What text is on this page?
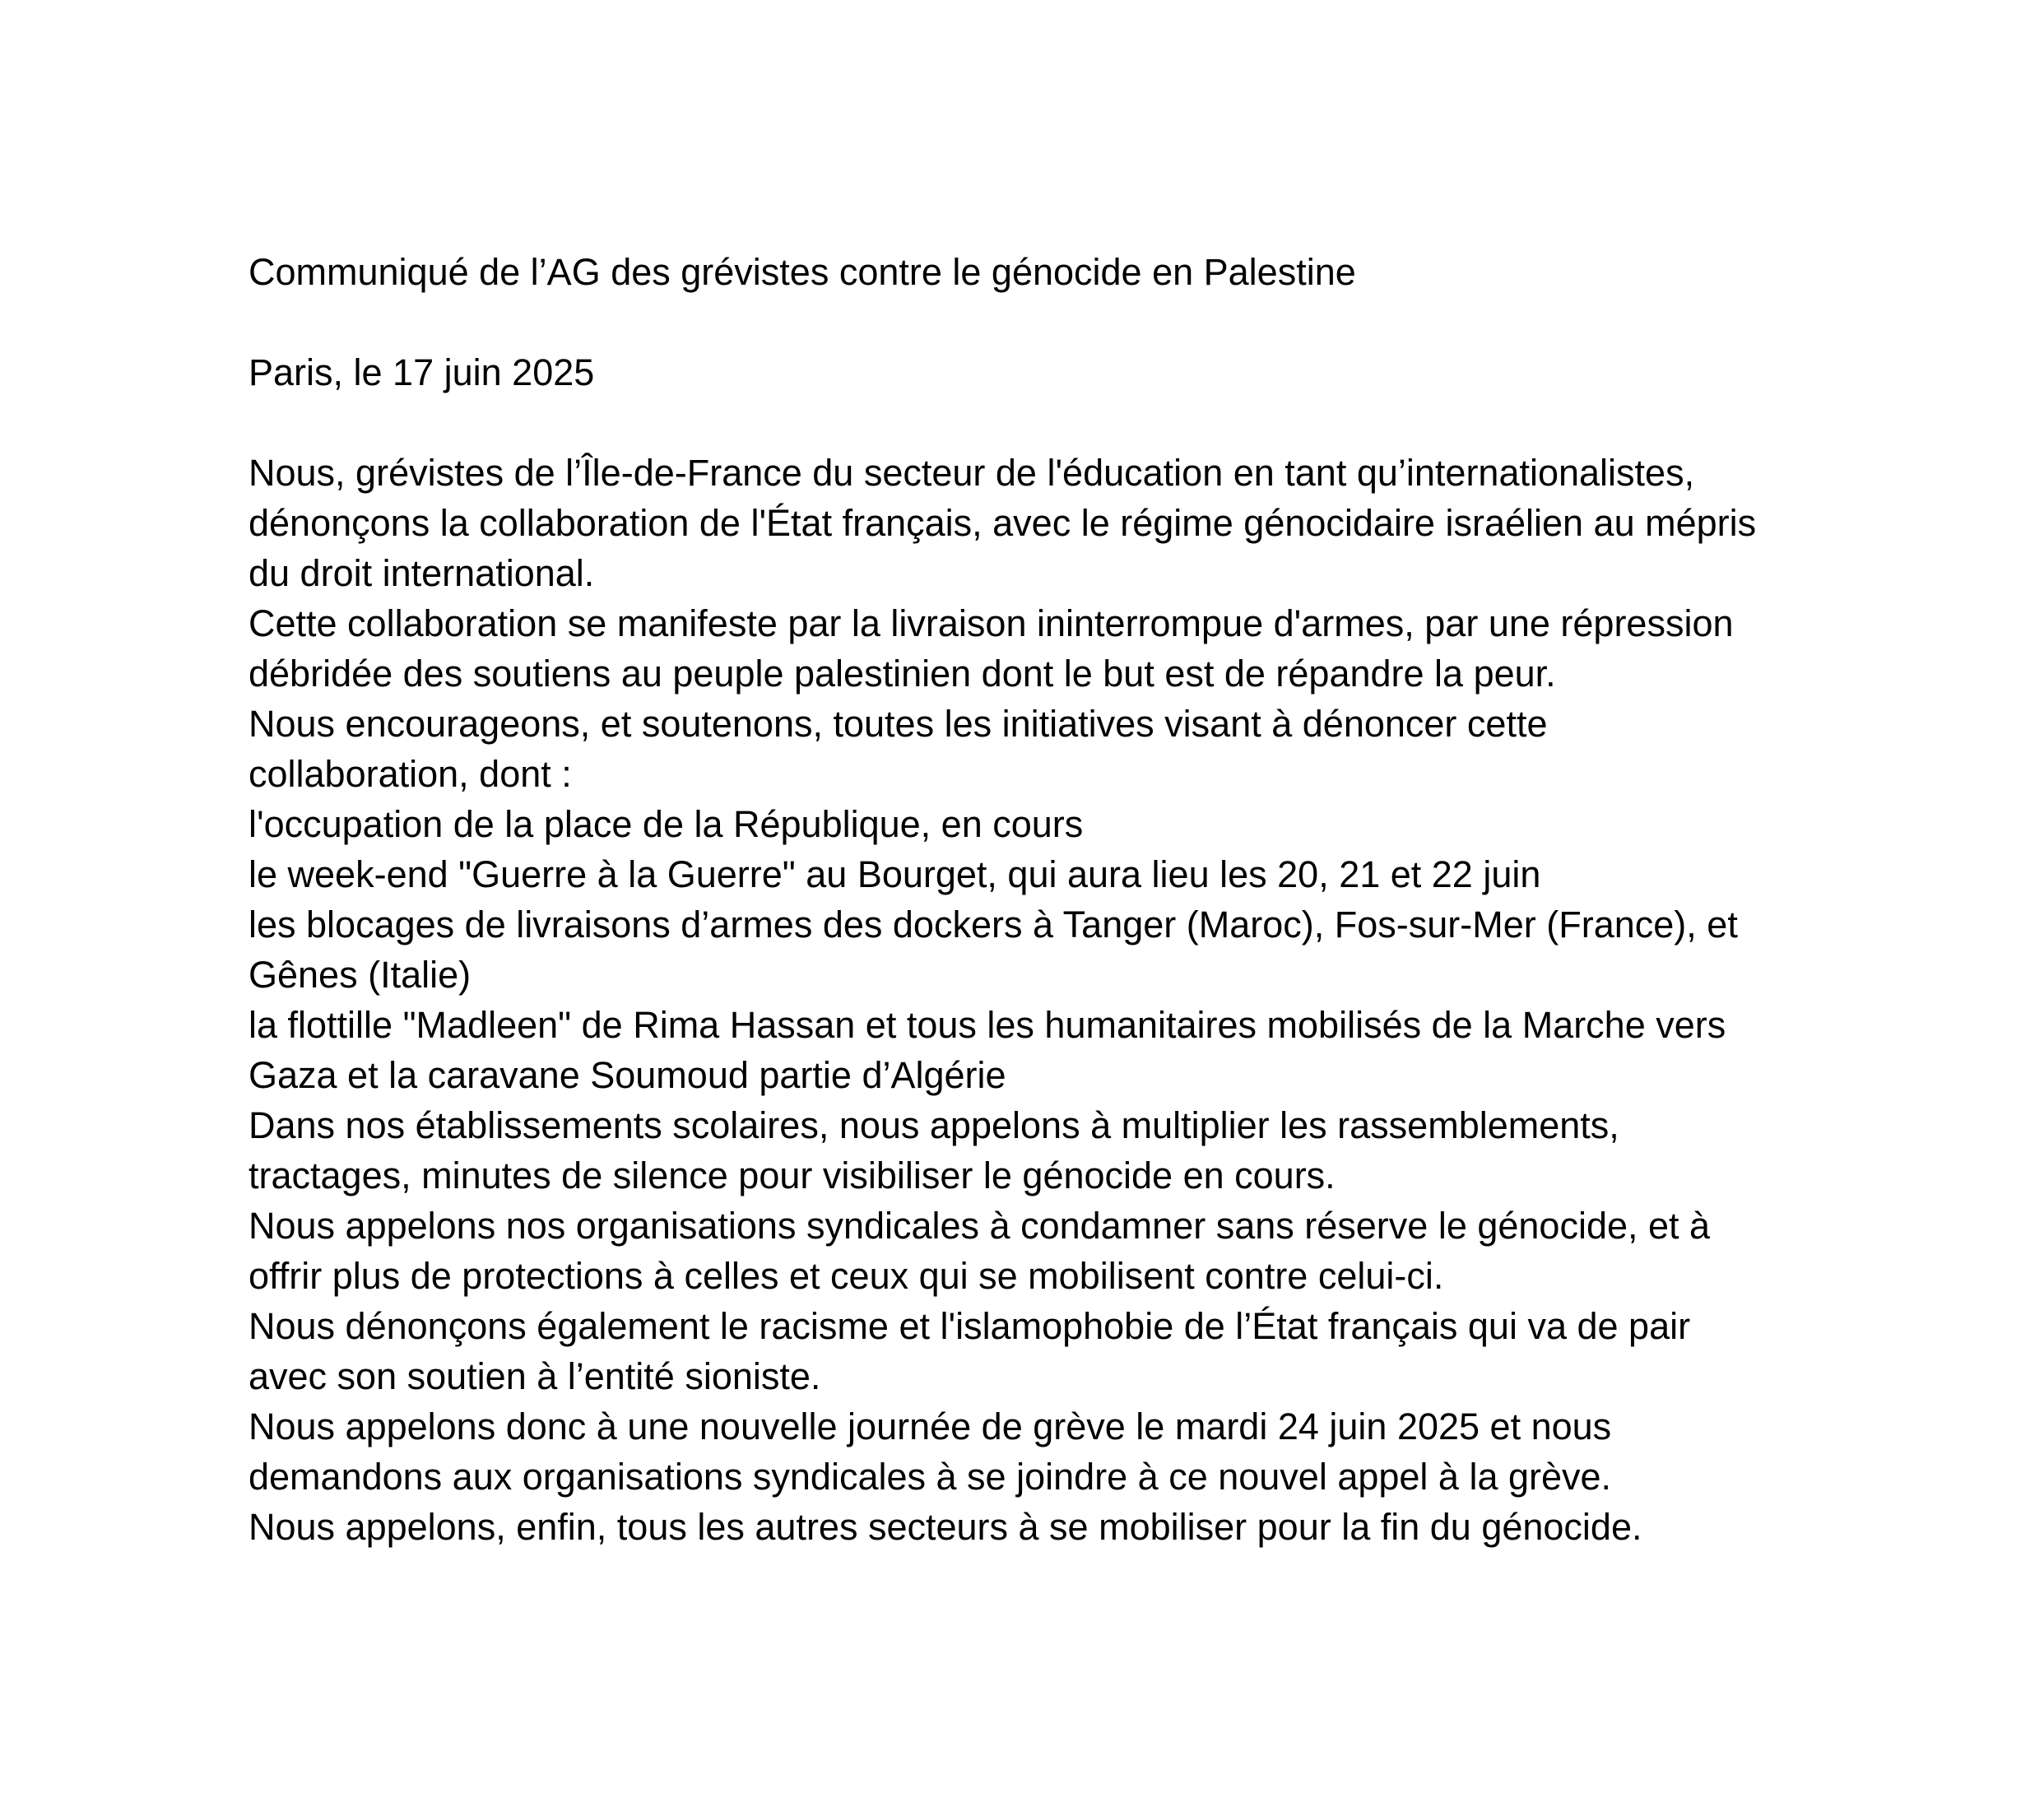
Communiqué de l’AG des grévistes contre le génocide en Palestine
Paris, le 17 juin 2025
Nous, grévistes de l’Île-de-France du secteur de l'éducation en tant qu’internationalistes,
dénonçons la collaboration de l'État français, avec le régime génocidaire israélien au mépris
du droit international.
Cette collaboration se manifeste par la livraison ininterrompue d'armes, par une répression
débridée des soutiens au peuple palestinien dont le but est de répandre la peur.
Nous encourageons, et soutenons, toutes les initiatives visant à dénoncer cette
collaboration, dont :
l'occupation de la place de la République, en cours
le week-end "Guerre à la Guerre" au Bourget, qui aura lieu les 20, 21 et 22 juin
les blocages de livraisons d’armes des dockers à Tanger (Maroc), Fos-sur-Mer (France), et
Gênes (Italie)
la flottille "Madleen" de Rima Hassan et tous les humanitaires mobilisés de la Marche vers
Gaza et la caravane Soumoud partie d’Algérie
Dans nos établissements scolaires, nous appelons à multiplier les rassemblements,
tractages, minutes de silence pour visibiliser le génocide en cours.
Nous appelons nos organisations syndicales à condamner sans réserve le génocide, et à
offrir plus de protections à celles et ceux qui se mobilisent contre celui-ci.
Nous dénonçons également le racisme et l'islamophobie de l’État français qui va de pair
avec son soutien à l’entité sioniste.
Nous appelons donc à une nouvelle journée de grève le mardi 24 juin 2025 et nous
demandons aux organisations syndicales à se joindre à ce nouvel appel à la grève.
Nous appelons, enfin, tous les autres secteurs à se mobiliser pour la fin du génocide.
